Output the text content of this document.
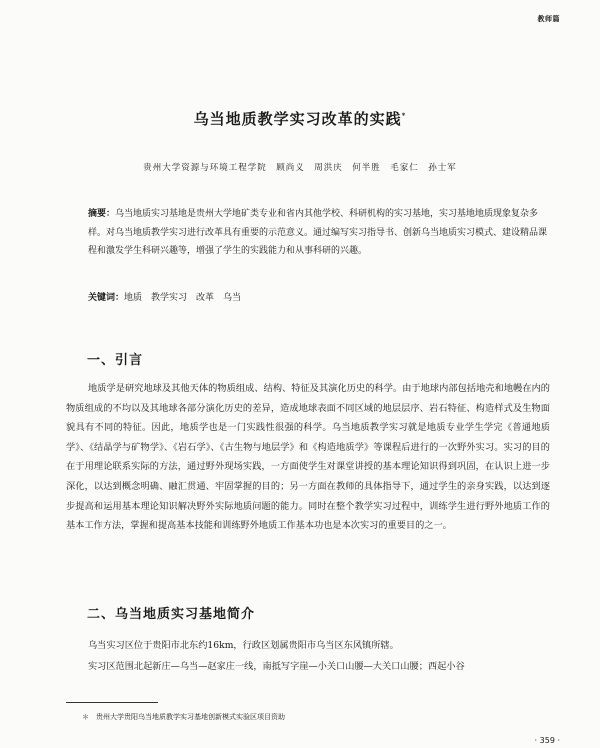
教师篇
乌当地质教学实习改革的实践*
贵州大学资源与环境工程学院　顾尚义　周洪庆　何半胜　毛家仁　孙士军
摘要：乌当地质实习基地是贵州大学地矿类专业和省内其他学校、科研机构的实习基地，实习基地地质现象复杂多样。对乌当地质教学实习进行改革具有重要的示范意义。通过编写实习指导书、创新乌当地质实习模式、建设精品课程和激发学生科研兴趣等，增强了学生的实践能力和从事科研的兴趣。
关键词：地质　教学实习　改革　乌当
一、引言
地质学是研究地球及其他天体的物质组成、结构、特征及其演化历史的科学。由于地球内部包括地壳和地幔在内的物质组成的不均以及其地球各部分演化历史的差异，造成地球表面不同区域的地层层序、岩石特征、构造样式及生物面貌具有不同的特征。因此，地质学也是一门实践性很强的科学。乌当地质教学实习就是地质专业学生学完《普通地质学》、《结晶学与矿物学》、《岩石学》、《古生物与地层学》和《构造地质学》等课程后进行的一次野外实习。实习的目的在于用理论联系实际的方法，通过野外现场实践，一方面使学生对课堂讲授的基本理论知识得到巩固，在认识上进一步深化，以达到概念明确、融汇贯通、牢固掌握的目的；另一方面在教师的具体指导下，通过学生的亲身实践，以达到逐步提高和运用基本理论知识解决野外实际地质问题的能力。同时在整个教学实习过程中，训练学生进行野外地质工作的基本工作方法，掌握和提高基本技能和训练野外地质工作基本功也是本次实习的重要目的之一。
二、乌当地质实习基地简介
乌当实习区位于贵阳市北东约16km，行政区划属贵阳市乌当区东风镇所辖。
实习区范围北起新庄—乌当—赵家庄一线，南抵写字崖—小关口山腰—大关口山腰；西起小谷
＊　贵州大学贵阳乌当地质教学实习基地创新模式实验区项目资助
· 359 ·
